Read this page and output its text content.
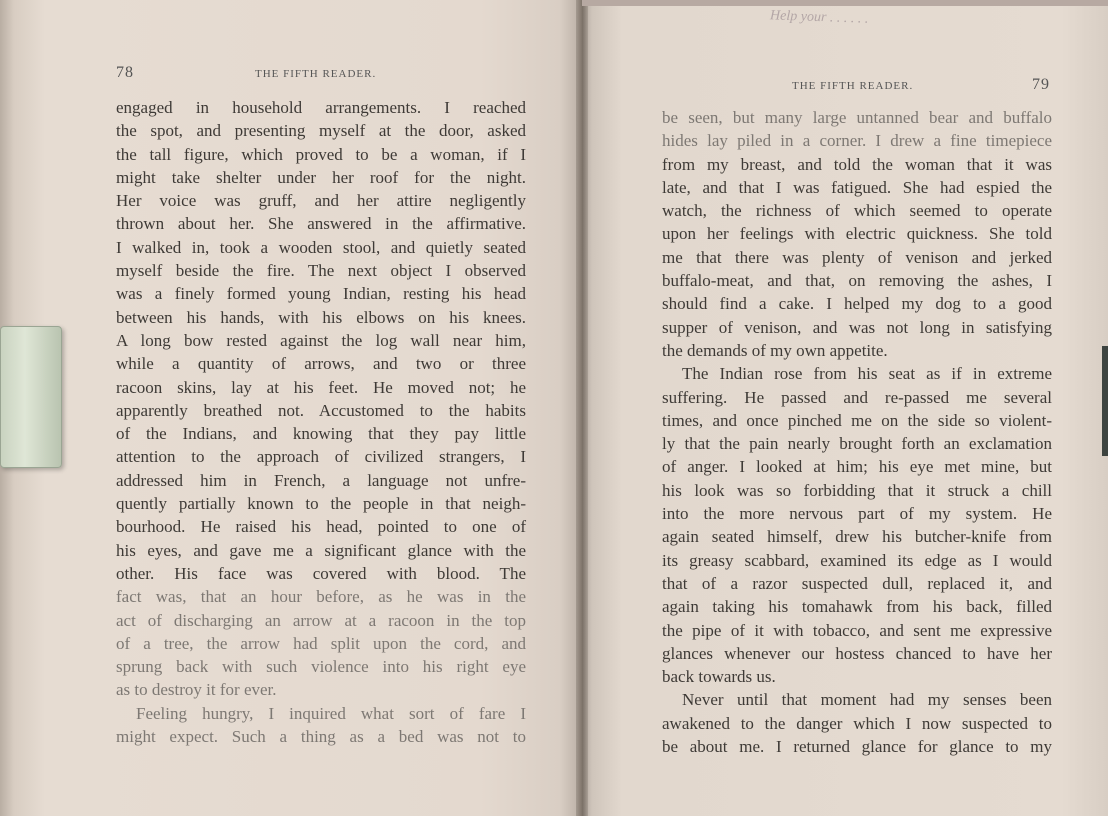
78	THE FIFTH READER.
THE FIFTH READER.	79
Help your . . . . . .
engaged in household arrangements. I reached
the spot, and presenting myself at the door, asked
the tall figure, which proved to be a woman, if I
might take shelter under her roof for the night.
Her voice was gruff, and her attire negligently
thrown about her. She answered in the affirmative.
I walked in, took a wooden stool, and quietly seated
myself beside the fire. The next object I observed
was a finely formed young Indian, resting his head
between his hands, with his elbows on his knees.
A long bow rested against the log wall near him,
while a quantity of arrows, and two or three
racoon skins, lay at his feet. He moved not; he
apparently breathed not. Accustomed to the habits
of the Indians, and knowing that they pay little
attention to the approach of civilized strangers, I
addressed him in French, a language not unfre-
quently partially known to the people in that neigh-
bourhood. He raised his head, pointed to one of
his eyes, and gave me a significant glance with the
other. His face was covered with blood. The
fact was, that an hour before, as he was in the
act of discharging an arrow at a racoon in the top
of a tree, the arrow had split upon the cord, and
sprung back with such violence into his right eye
as to destroy it for ever.
Feeling hungry, I inquired what sort of fare I
might expect. Such a thing as a bed was not to
be seen, but many large untanned bear and buffalo
hides lay piled in a corner. I drew a fine timepiece
from my breast, and told the woman that it was
late, and that I was fatigued. She had espied the
watch, the richness of which seemed to operate
upon her feelings with electric quickness. She told
me that there was plenty of venison and jerked
buffalo-meat, and that, on removing the ashes, I
should find a cake. I helped my dog to a good
supper of venison, and was not long in satisfying
the demands of my own appetite.
The Indian rose from his seat as if in extreme
suffering. He passed and re-passed me several
times, and once pinched me on the side so violent-
ly that the pain nearly brought forth an exclamation
of anger. I looked at him; his eye met mine, but
his look was so forbidding that it struck a chill
into the more nervous part of my system. He
again seated himself, drew his butcher-knife from
its greasy scabbard, examined its edge as I would
that of a razor suspected dull, replaced it, and
again taking his tomahawk from his back, filled
the pipe of it with tobacco, and sent me expressive
glances whenever our hostess chanced to have her
back towards us.
Never until that moment had my senses been
awakened to the danger which I now suspected to
be about me. I returned glance for glance to my
